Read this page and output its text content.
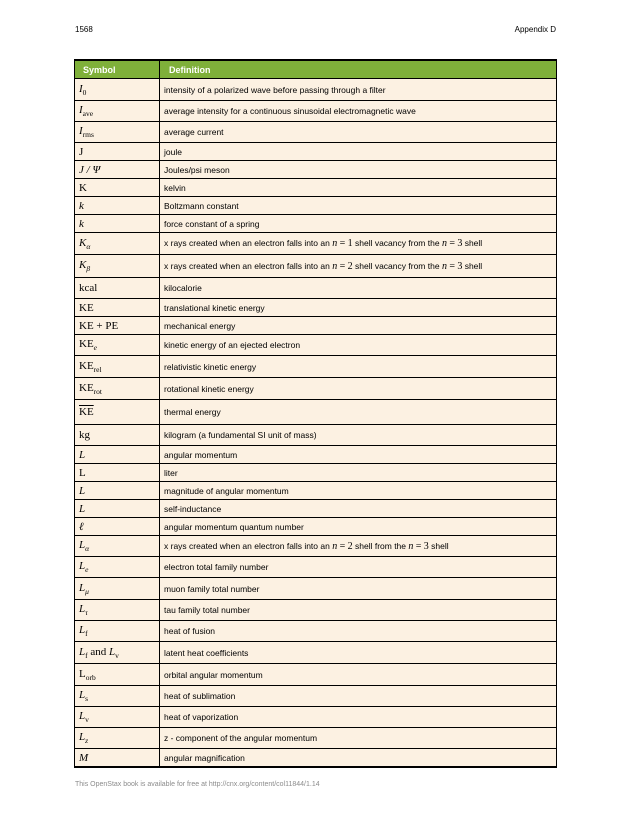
1568	Appendix D
Symbol	Definition
$I_0$	intensity of a polarized wave before passing through a filter
$I_{ave}$	average intensity for a continuous sinusoidal electromagnetic wave
$I_{rms}$	average current
J	joule
J / Ψ	Joules/psi meson
K	kelvin
k	Boltzmann constant
k	force constant of a spring
$K_\alpha$	x rays created when an electron falls into an n = 1 shell vacancy from the n = 3 shell
$K_\beta$	x rays created when an electron falls into an n = 2 shell vacancy from the n = 3 shell
kcal	kilocalorie
KE	translational kinetic energy
KE + PE	mechanical energy
$KE_e$	kinetic energy of an ejected electron
$KE_{rel}$	relativistic kinetic energy
$KE_{rot}$	rotational kinetic energy
$\overline{KE}$	thermal energy
kg	kilogram (a fundamental SI unit of mass)
L	angular momentum
L	liter
L	magnitude of angular momentum
L	self-inductance
ℓ	angular momentum quantum number
$L_\alpha$	x rays created when an electron falls into an n = 2 shell from the n = 3 shell
$L_e$	electron total family number
$L_\mu$	muon family total number
$L_\tau$	tau family total number
$L_f$	heat of fusion
$L_f$ and $L_v$	latent heat coefficients
$L_{orb}$	orbital angular momentum
$L_s$	heat of sublimation
$L_v$	heat of vaporization
$L_z$	z - component of the angular momentum
M	angular magnification
This OpenStax book is available for free at http://cnx.org/content/col11844/1.14
